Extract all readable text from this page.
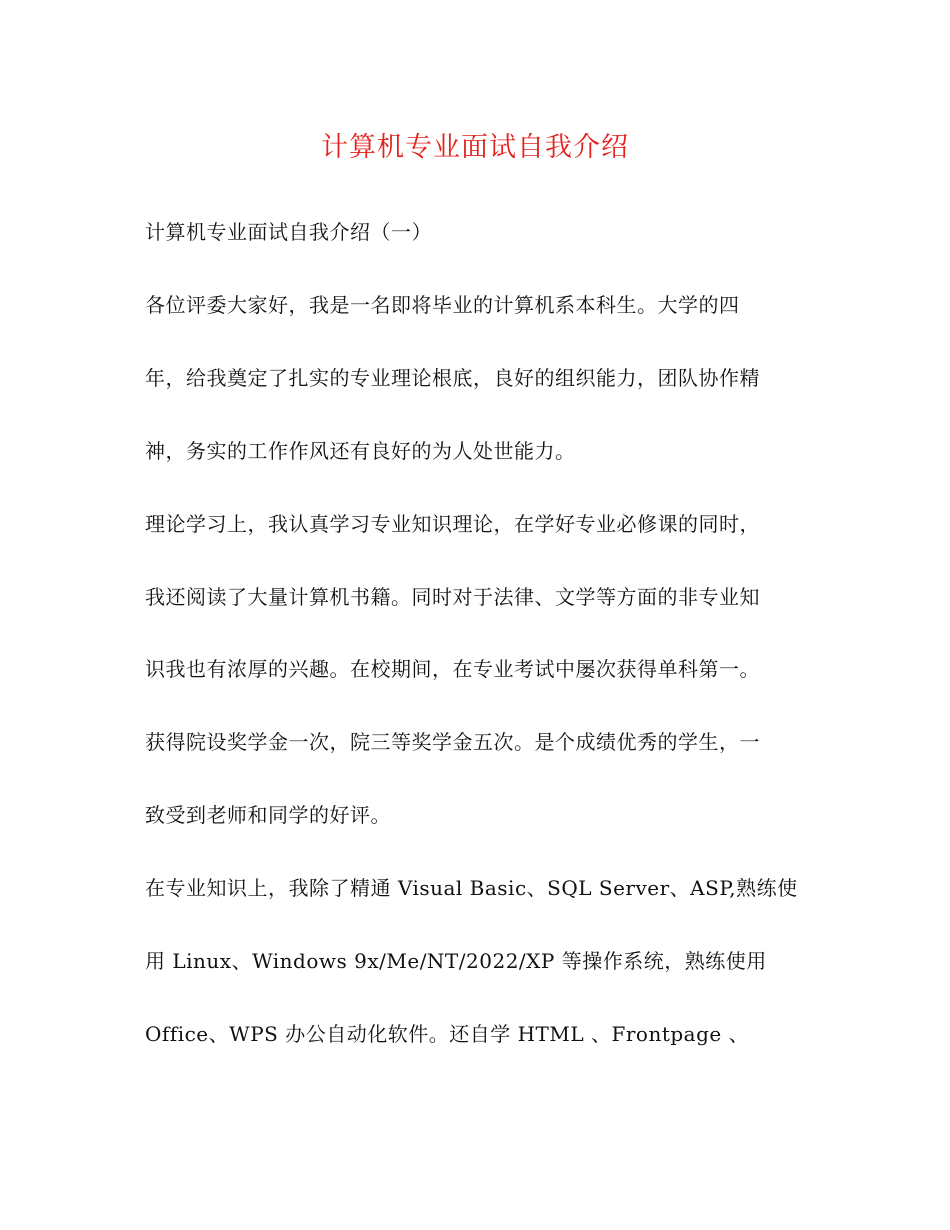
计算机专业面试自我介绍
计算机专业面试自我介绍（一）
各位评委大家好，我是一名即将毕业的计算机系本科生。大学的四
年，给我奠定了扎实的专业理论根底，良好的组织能力，团队协作精
神，务实的工作作风还有良好的为人处世能力。
理论学习上，我认真学习专业知识理论，在学好专业必修课的同时，
我还阅读了大量计算机书籍。同时对于法律、文学等方面的非专业知
识我也有浓厚的兴趣。在校期间，在专业考试中屡次获得单科第一。
获得院设奖学金一次，院三等奖学金五次。是个成绩优秀的学生，一
致受到老师和同学的好评。
在专业知识上，我除了精通 Visual Basic、SQL Server、ASP,熟练使
用 Linux、Windows 9x/Me/NT/2022/XP 等操作系统，熟练使用
Office、WPS 办公自动化软件。还自学 HTML 、Frontpage 、
